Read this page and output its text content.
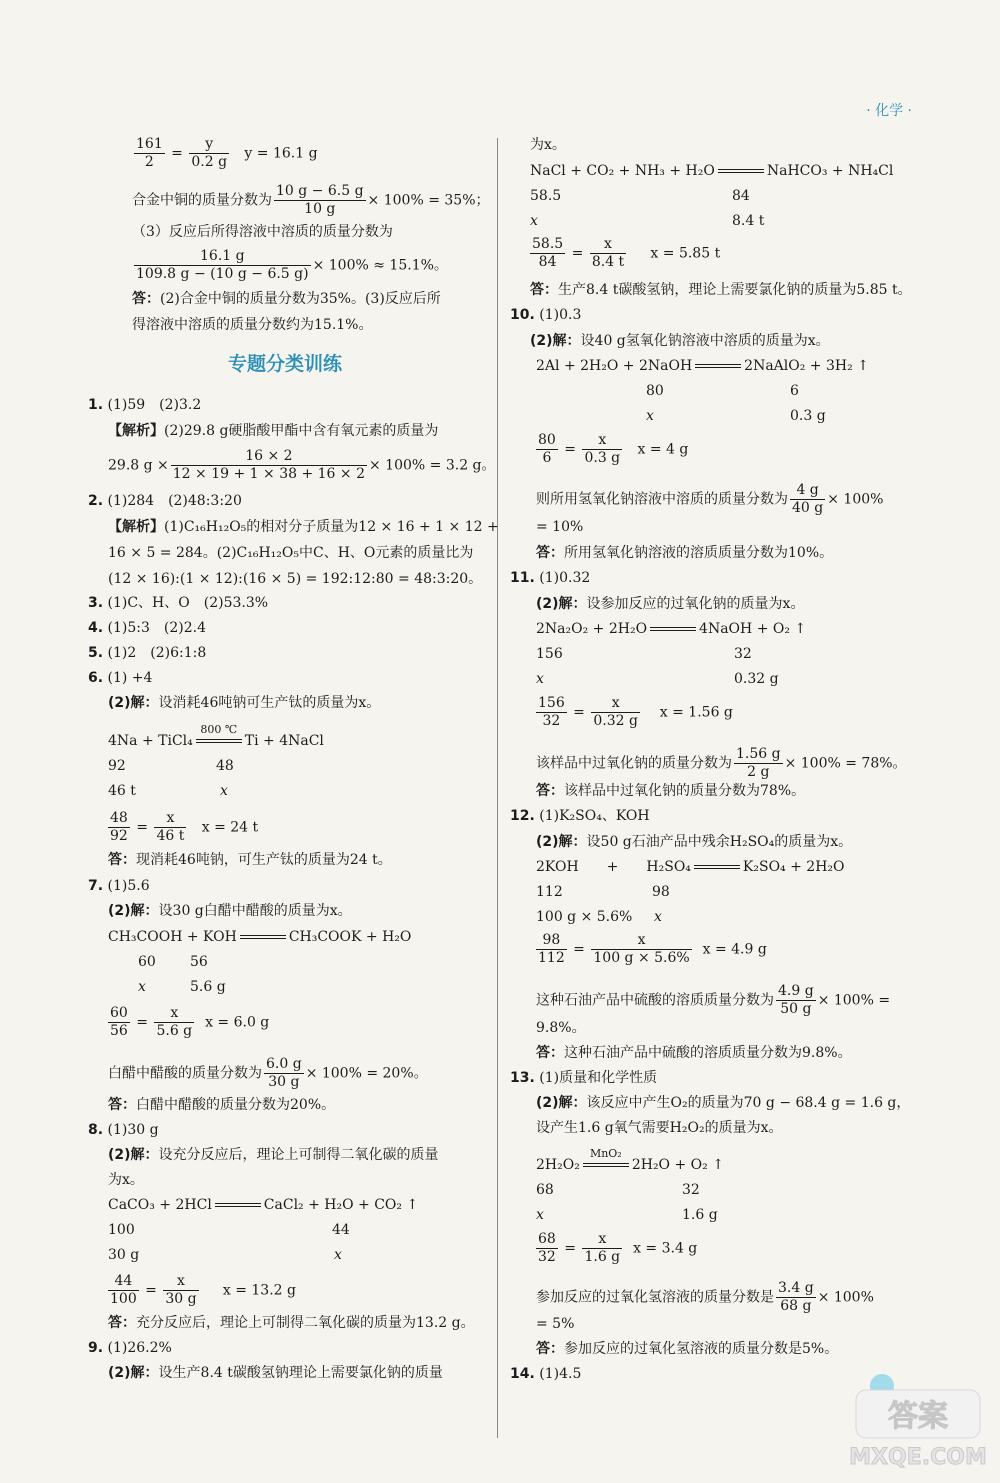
· 化学 ·
$\frac{161}{2} = \frac{y}{0.2 g}$ y = 16.1 g
合金中铜的质量分数为 $\frac{10 g - 6.5 g}{10 g} \times 100\% = 35\%$；
（3）反应后所得溶液中溶质的质量分数为
$\frac{16.1 g}{109.8 g - (10 g - 6.5 g)} \times 100\% \approx 15.1\%$。
答：(2)合金中铜的质量分数为35%。(3)反应后所
得溶液中溶质的质量分数约为15.1%。
专题分类训练
1. (1)59　(2)3.2
【解析】(2)29.8 g硬脂酸甲酯中含有氧元素的质量为
29.8 $g \times \frac{16 \times 2}{12 \times 19 + 1 \times 38 + 16 \times 2} \times 100\% = 3.2$ g。
2. (1)284　(2)48:3:20
【解析】(1)C₁₆H₁₂O₅的相对分子质量为12 × 16 + 1 × 12 +
16 × 5 = 284。(2)C₁₆H₁₂O₅中C、H、O元素的质量比为
(12 × 16):(1 × 12):(16 × 5) = 192:12:80 = 48:3:20。
3. (1)C、H、O　(2)53.3%
4. (1)5:3　(2)2.4
5. (1)2　(2)6:1:8
6. (1) +4
(2)解：设消耗46吨钠可生产钛的质量为x。
4Na + TiCl₄
800 ℃
Ti + 4NaCl
92	48
46 t	x
$\frac{48}{92} = \frac{x}{46 t}$ x = 24 t
答：现消耗46吨钠，可生产钛的质量为24 t。
7. (1)5.6
(2)解：设30 g白醋中醋酸的质量为x。
CH₃COOH + KOH	CH₃COOK + H₂O
60 56
x	5.6 g
$\frac{60}{56} = \frac{x}{5.6 g}$ x = 6.0 g
白醋中醋酸的质量分数为 $\frac{6.0 g}{30 g} \times 100\% = 20\%$。
答：白醋中醋酸的质量分数为20%。
8. (1)30 g
(2)解：设充分反应后，理论上可制得二氧化碳的质量
为x。
CaCO₃ + 2HCl	CaCl₂ + H₂O + CO₂ ↑
100	44
30 g	x
$\frac{44}{100} = \frac{x}{30 g}$ x = 13.2 g
答：充分反应后，理论上可制得二氧化碳的质量为13.2 g。
9. (1)26.2%
(2)解：设生产8.4 t碳酸氢钠理论上需要氯化钠的质量
为x。
NaCl + CO₂ + NH₃ + H₂O	NaHCO₃ + NH₄Cl
58.5	84
x	8.4 t
$\frac{58.5}{84} = \frac{x}{8.4 t}$ x = 5.85 t
答：生产8.4 t碳酸氢钠，理论上需要氯化钠的质量为5.85 t。
10. (1)0.3
(2)解：设40 g氢氧化钠溶液中溶质的质量为x。
2Al + 2H₂O + 2NaOH	2NaAlO₂ + 3H₂ ↑
80	6
x	0.3 g
$\frac{80}{6} = \frac{x}{0.3 g}$ x = 4 g
则所用氢氧化钠溶液中溶质的质量分数为 $\frac{4 g}{40 g} \times 100\%$
= 10%
答：所用氢氧化钠溶液的溶质质量分数为10%。
11. (1)0.32
(2)解：设参加反应的过氧化钠的质量为x。
2Na₂O₂ + 2H₂O	4NaOH + O₂ ↑
156	32
x	0.32 g
$\frac{156}{32} = \frac{x}{0.32 g}$ x = 1.56 g
该样品中过氧化钠的质量分数为 $\frac{1.56 g}{2 g} \times 100\% = 78\%$。
答：该样品中过氧化钠的质量分数为78%。
12. (1)K₂SO₄、KOH
(2)解：设50 g石油产品中残余H₂SO₄的质量为x。
2KOH　　+　　H₂SO₄	K₂SO₄ + 2H₂O
112	98
100 g × 5.6% x
$\frac{98}{112} = \frac{x}{100 g \times 5.6\%}$ x = 4.9 g
这种石油产品中硫酸的溶质质量分数为 $\frac{4.9 g}{50 g} \times 100\%$ =
9.8%。
答：这种石油产品中硫酸的溶质质量分数为9.8%。
13. (1)质量和化学性质
(2)解：该反应中产生O₂的质量为70 g − 68.4 g = 1.6 g，
设产生1.6 g氧气需要H₂O₂的质量为x。
2H₂O₂
MnO₂
2H₂O + O₂ ↑
68	32
x	1.6 g
$\frac{68}{32} = \frac{x}{1.6 g}$ x = 3.4 g
参加反应的过氧化氢溶液的质量分数是 $\frac{3.4 g}{68 g} \times 100\%$
= 5%
答：参加反应的过氧化氢溶液的质量分数是5%。
14. (1)4.5
答案
MXQE.COM
